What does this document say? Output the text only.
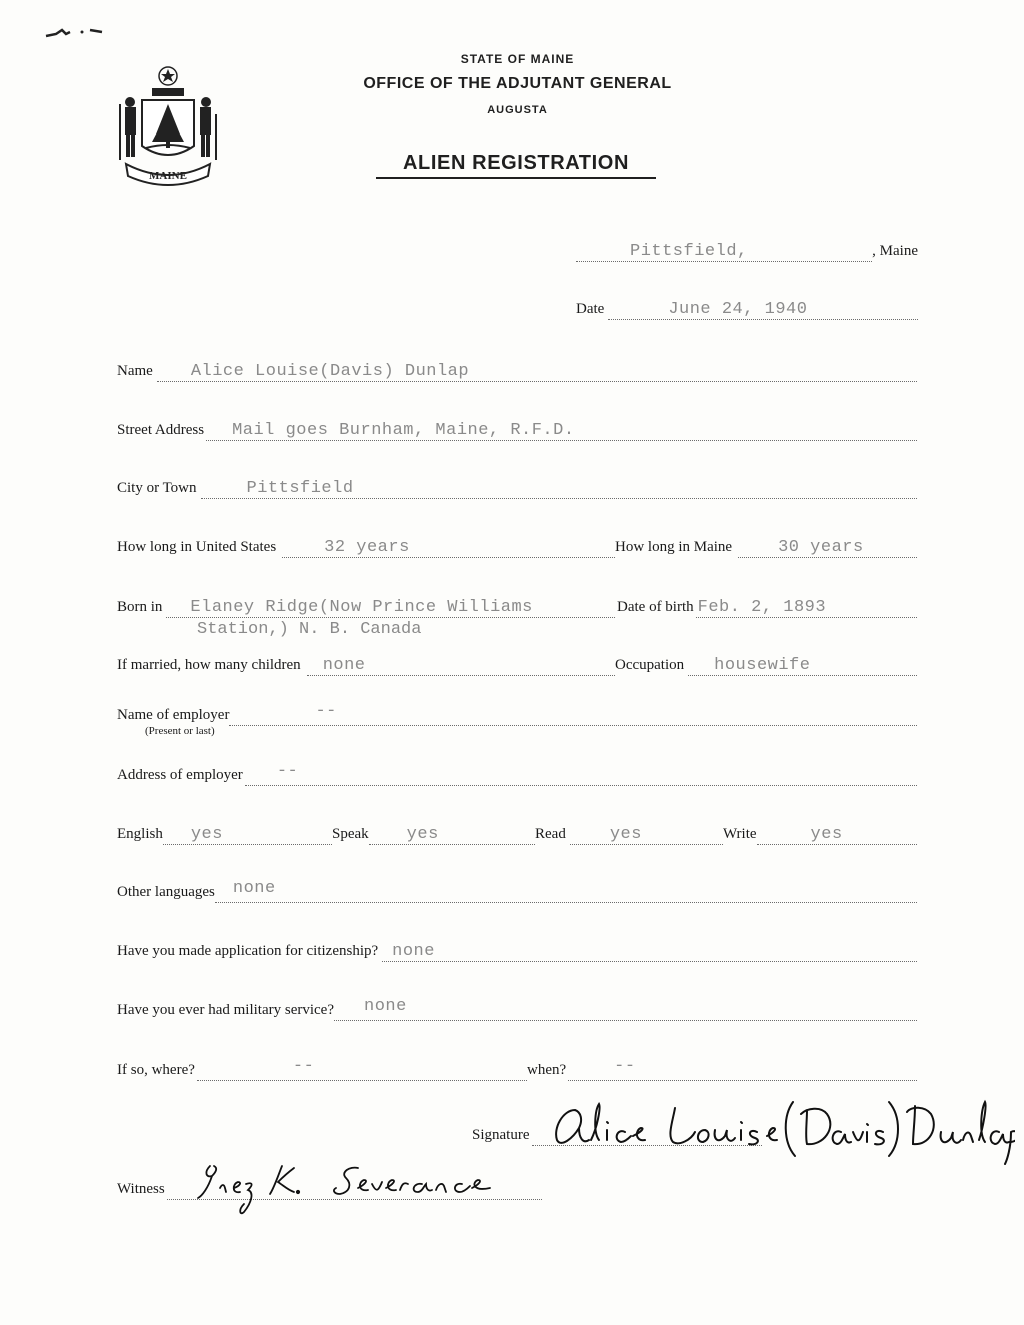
MAINE
STATE OF MAINE
OFFICE OF THE ADJUTANT GENERAL
AUGUSTA
ALIEN REGISTRATION
Pittsfield,	, Maine
Date	June 24, 1940
Name Alice Louise(Davis) Dunlap
Street Address Mail goes Burnham, Maine, R.F.D.
City or Town	Pittsfield
How long in United States	32 years	How long in Maine	30 years
Born in Elaney Ridge(Now Prince Williams
Station,) N. B. Canada
Date of birth Feb. 2, 1893
If married, how many children none	Occupation housewife
Name of employer	--
(Present or last)
Address of employer --
English yes	Speak yes	Read	yes	Write	yes
Other languages none
Have you made application for citizenship? none
Have you ever had military service? none
If so, where?	--	when?	--
Signature
Witness
